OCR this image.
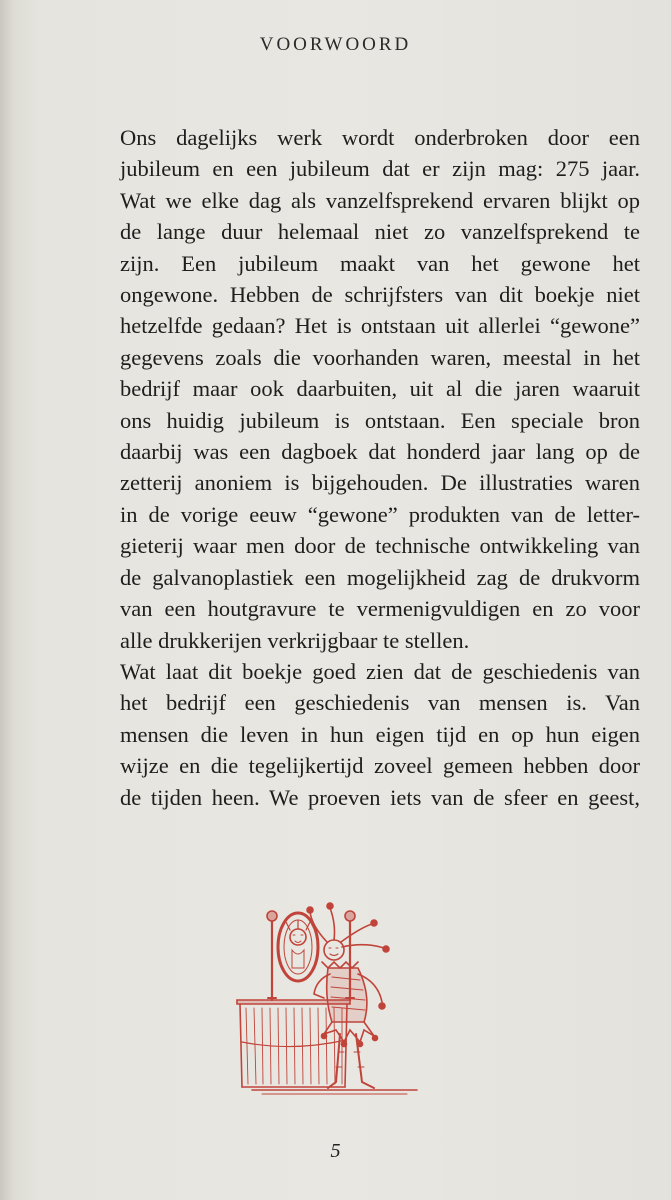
VOORWOORD
Ons dagelijks werk wordt onderbroken door een
jubileum en een jubileum dat er zijn mag: 275 jaar.
Wat we elke dag als vanzelfsprekend ervaren blijkt op
de lange duur helemaal niet zo vanzelfsprekend te
zijn. Een jubileum maakt van het gewone het
ongewone. Hebben de schrijfsters van dit boekje niet
hetzelfde gedaan? Het is ontstaan uit allerlei “gewone”
gegevens zoals die voorhanden waren, meestal in het
bedrijf maar ook daarbuiten, uit al die jaren waaruit
ons huidig jubileum is ontstaan. Een speciale bron
daarbij was een dagboek dat honderd jaar lang op de
zetterij anoniem is bijgehouden. De illustraties waren
in de vorige eeuw “gewone” produkten van de letter-
gieterij waar men door de technische ontwikkeling van
de galvanoplastiek een mogelijkheid zag de drukvorm
van een houtgravure te vermenigvuldigen en zo voor
alle drukkerijen verkrijgbaar te stellen.
Wat laat dit boekje goed zien dat de geschiedenis van
het bedrijf een geschiedenis van mensen is. Van
mensen die leven in hun eigen tijd en op hun eigen
wijze en die tegelijkertijd zoveel gemeen hebben door
de tijden heen. We proeven iets van de sfeer en geest,
5
